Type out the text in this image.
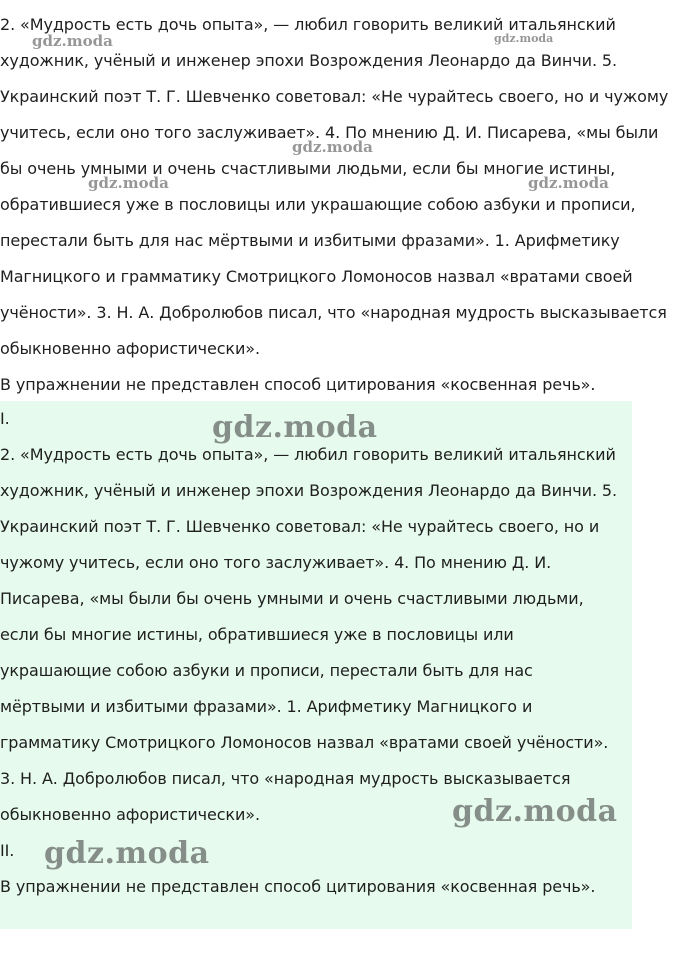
2. «Мудрость есть дочь опыта», — любил говорить великий итальянский

художник, учёный и инженер эпохи Возрождения Леонардо да Винчи. 5.

Украинский поэт Т. Г. Шевченко советовал: «Не чурайтесь своего, но и чужому

учитесь, если оно того заслуживает». 4. По мнению Д. И. Писарева, «мы были

бы очень умными и очень счастливыми людьми, если бы многие истины,

обратившиеся уже в пословицы или украшающие собою азбуки и прописи,

перестали быть для нас мёртвыми и избитыми фразами». 1. Арифметику

Магницкого и грамматику Смотрицкого Ломоносов назвал «вратами своей

учёности». 3. Н. А. Добролюбов писал, что «народная мудрость высказывается

обыкновенно афористически».

В упражнении не представлен способ цитирования «косвенная речь».

I.

2. «Мудрость есть дочь опыта», — любил говорить великий итальянский

художник, учёный и инженер эпохи Возрождения Леонардо да Винчи. 5.

Украинский поэт Т. Г. Шевченко советовал: «Не чурайтесь своего, но и

чужому учитесь, если оно того заслуживает». 4. По мнению Д. И.

Писарева, «мы были бы очень умными и очень счастливыми людьми,

если бы многие истины, обратившиеся уже в пословицы или

украшающие собою азбуки и прописи, перестали быть для нас

мёртвыми и избитыми фразами». 1. Арифметику Магницкого и

грамматику Смотрицкого Ломоносов назвал «вратами своей учёности».

3. Н. А. Добролюбов писал, что «народная мудрость высказывается

обыкновенно афористически».

II.

В упражнении не представлен способ цитирования «косвенная речь».

gdz.moda	gdz.moda
gdz.moda
gdz.moda	gdz.moda
gdz.moda
gdz.moda
gdz.moda
